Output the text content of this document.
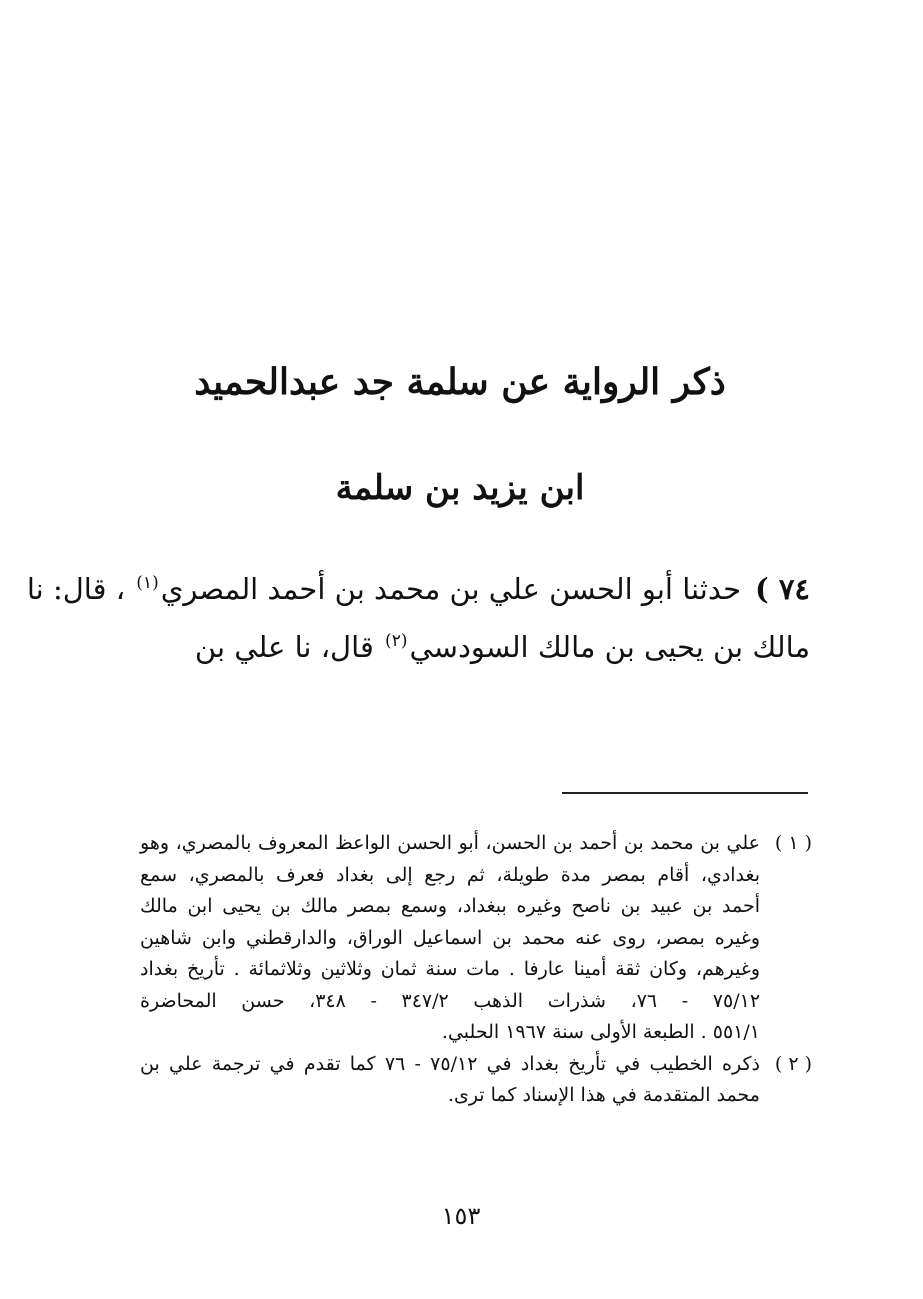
ذكر الرواية عن سلمة جد عبدالحميد
ابن يزيد بن سلمة
٧٤ )حدثنا أبو الحسن علي بن محمد بن أحمد المصري$^{(١)}$ ، قال: نا
مالك بن يحيى بن مالك السودسي$^{(٢)}$ قال، نا علي بن
( ١ )
علي بن محمد بن أحمد بن الحسن، أبو الحسن الواعظ المعروف بالمصري، وهو
بغدادي، أقام بمصر مدة طويلة، ثم رجع إلى بغداد فعرف بالمصري، سمع
أحمد بن عبيد بن ناصح وغيره ببغداد، وسمع بمصر مالك بن يحيى ابن مالك
وغيره بمصر، روى عنه محمد بن اسماعيل الوراق، والدارقطني وابن شاهين
وغيرهم، وكان ثقة أمينا عارفا . مات سنة ثمان وثلاثين وثلاثمائة . تأريخ بغداد
٧٥/١٢ - ٧٦، شذرات الذهب ٣٤٧/٢ - ٣٤٨، حسن المحاضرة
٥٥١/١ . الطبعة الأولى سنة ١٩٦٧ الحلبي.
( ٢ )
ذكره الخطيب في تأريخ بغداد في ٧٥/١٢ - ٧٦ كما تقدم في ترجمة علي بن
محمد المتقدمة في هذا الإسناد كما ترى.
١٥٣
